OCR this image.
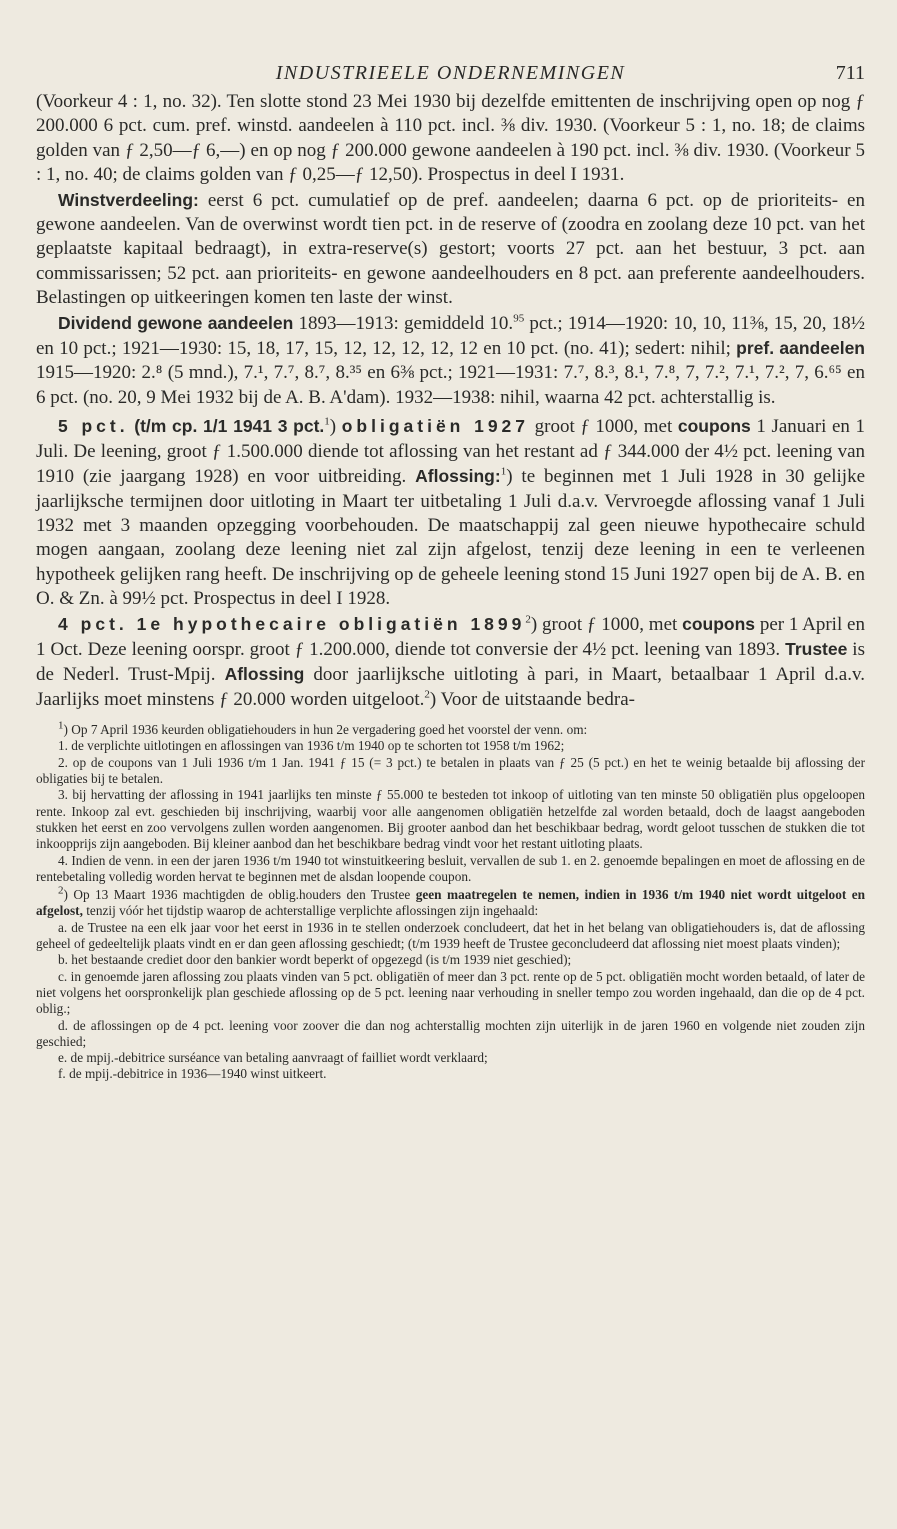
INDUSTRIEELE ONDERNEMINGEN	711

(Voorkeur 4 : 1, no. 32). Ten slotte stond 23 Mei 1930 bij dezelfde emittenten de inschrijving open op nog ƒ 200.000 6 pct. cum. pref. winstd. aandeelen à 110 pct. incl. ⅜ div. 1930. (Voorkeur 5 : 1, no. 18; de claims golden van ƒ 2,50—ƒ 6,—) en op nog ƒ 200.000 gewone aandeelen à 190 pct. incl. ⅜ div. 1930. (Voorkeur 5 : 1, no. 40; de claims golden van ƒ 0,25—ƒ 12,50). Prospectus in deel I 1931.

Winstverdeeling: eerst 6 pct. cumulatief op de pref. aandeelen; daarna 6 pct. op de prioriteits- en gewone aandeelen. Van de overwinst wordt tien pct. in de reserve of (zoodra en zoolang deze 10 pct. van het geplaatste kapitaal bedraagt), in extra-reserve(s) gestort; voorts 27 pct. aan het bestuur, 3 pct. aan commissarissen; 52 pct. aan prioriteits- en gewone aandeelhouders en 8 pct. aan preferente aandeelhouders. Belastingen op uitkeeringen komen ten laste der winst.

Dividend gewone aandeelen 1893—1913: gemiddeld 10.95 pct.; 1914—1920: 10, 10, 11⅜, 15, 20, 18½ en 10 pct.; 1921—1930: 15, 18, 17, 15, 12, 12, 12, 12, 12 en 10 pct. (no. 41); sedert: nihil; pref. aandeelen 1915—1920: 2.⁸ (5 mnd.), 7.¹, 7.⁷, 8.⁷, 8.³⁵ en 6⅜ pct.; 1921—1931: 7.⁷, 8.³, 8.¹, 7.⁸, 7, 7.², 7.¹, 7.², 7, 6.⁶⁵ en 6 pct. (no. 20, 9 Mei 1932 bij de A. B. A'dam). 1932—1938: nihil, waarna 42 pct. achterstallig is.

5 pct. (t/m cp. 1/1 1941 3 pct.$^1$) obligatiën 1927 groot ƒ 1000, met coupons 1 Januari en 1 Juli. De leening, groot ƒ 1.500.000 diende tot aflossing van het restant ad ƒ 344.000 der 4½ pct. leening van 1910 (zie jaargang 1928) en voor uitbreiding. Aflossing:$^1$) te beginnen met 1 Juli 1928 in 30 gelijke jaarlijksche termijnen door uitloting in Maart ter uitbetaling 1 Juli d.a.v. Vervroegde aflossing vanaf 1 Juli 1932 met 3 maanden opzegging voorbehouden. De maatschappij zal geen nieuwe hypothecaire schuld mogen aangaan, zoolang deze leening niet zal zijn afgelost, tenzij deze leening in een te verleenen hypotheek gelijken rang heeft. De inschrijving op de geheele leening stond 15 Juni 1927 open bij de A. B. en O. & Zn. à 99½ pct. Prospectus in deel I 1928.

4 pct. 1e hypothecaire obligatiën 1899$^2$) groot ƒ 1000, met coupons per 1 April en 1 Oct. Deze leening oorspr. groot ƒ 1.200.000, diende tot conversie der 4½ pct. leening van 1893. Trustee is de Nederl. Trust-Mpij. Aflossing door jaarlijksche uitloting à pari, in Maart, betaalbaar 1 April d.a.v. Jaarlijks moet minstens ƒ 20.000 worden uitgeloot.$^2$) Voor de uitstaande bedra-

$^1$) Op 7 April 1936 keurden obligatiehouders in hun 2e vergadering goed het voorstel der venn. om:

1. de verplichte uitlotingen en aflossingen van 1936 t/m 1940 op te schorten tot 1958 t/m 1962;

2. op de coupons van 1 Juli 1936 t/m 1 Jan. 1941 ƒ 15 (= 3 pct.) te betalen in plaats van ƒ 25 (5 pct.) en het te weinig betaalde bij aflossing der obligaties bij te betalen.

3. bij hervatting der aflossing in 1941 jaarlijks ten minste ƒ 55.000 te besteden tot inkoop of uitloting van ten minste 50 obligatiën plus opgeloopen rente. Inkoop zal evt. geschieden bij inschrijving, waarbij voor alle aangenomen obligatiën hetzelfde zal worden betaald, doch de laagst aangeboden stukken het eerst en zoo vervolgens zullen worden aangenomen. Bij grooter aanbod dan het beschikbaar bedrag, wordt geloot tusschen de stukken die tot inkoopprijs zijn aangeboden. Bij kleiner aanbod dan het beschikbare bedrag vindt voor het restant uitloting plaats.

4. Indien de venn. in een der jaren 1936 t/m 1940 tot winstuitkeering besluit, vervallen de sub 1. en 2. genoemde bepalingen en moet de aflossing en de rentebetaling volledig worden hervat te beginnen met de alsdan loopende coupon.

$^2$) Op 13 Maart 1936 machtigden de oblig.houders den Trustee geen maatregelen te nemen, indien in 1936 t/m 1940 niet wordt uitgeloot en afgelost, tenzij vóór het tijdstip waarop de achterstallige verplichte aflossingen zijn ingehaald:

a. de Trustee na een elk jaar voor het eerst in 1936 in te stellen onderzoek concludeert, dat het in het belang van obligatiehouders is, dat de aflossing geheel of gedeeltelijk plaats vindt en er dan geen aflossing geschiedt; (t/m 1939 heeft de Trustee geconcludeerd dat aflossing niet moest plaats vinden);

b. het bestaande crediet door den bankier wordt beperkt of opgezegd (is t/m 1939 niet geschied);

c. in genoemde jaren aflossing zou plaats vinden van 5 pct. obligatiën of meer dan 3 pct. rente op de 5 pct. obligatiën mocht worden betaald, of later de niet volgens het oorspronkelijk plan geschiede aflossing op de 5 pct. leening naar verhouding in sneller tempo zou worden ingehaald, dan die op de 4 pct. oblig.;

d. de aflossingen op de 4 pct. leening voor zoover die dan nog achterstallig mochten zijn uiterlijk in de jaren 1960 en volgende niet zouden zijn geschied;

e. de mpij.-debitrice surséance van betaling aanvraagt of failliet wordt verklaard;

f. de mpij.-debitrice in 1936—1940 winst uitkeert.
